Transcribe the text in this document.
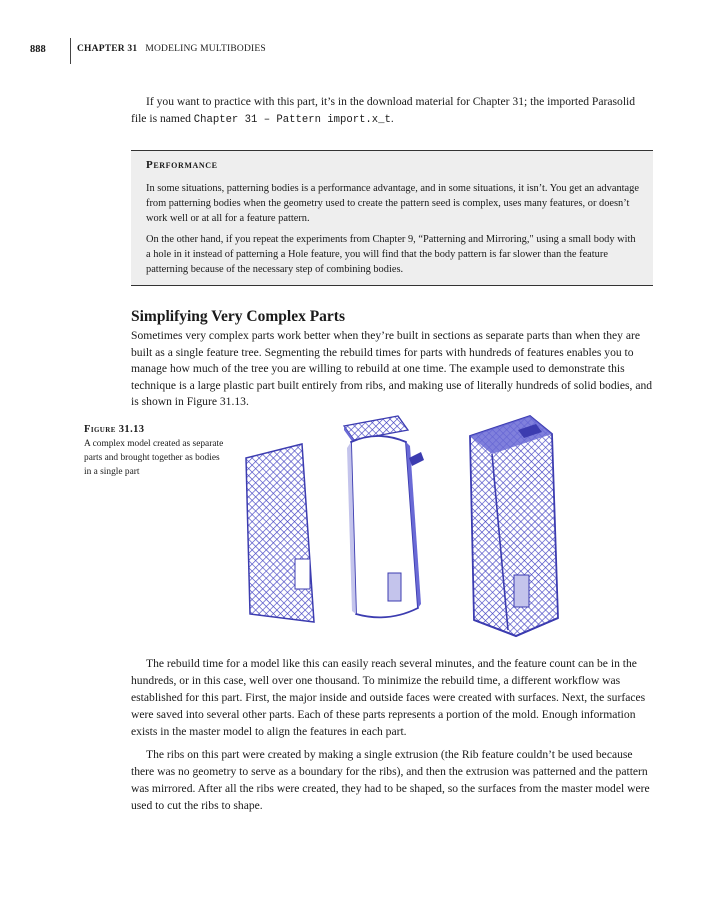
888	CHAPTER 31 MODELING MULTIBODIES

If you want to practice with this part, it’s in the download material for Chapter 31; the imported Parasolid file is named Chapter 31 – Pattern import.x_t.

Performance

In some situations, patterning bodies is a performance advantage, and in some situations, it isn’t. You get an advantage from patterning bodies when the geometry used to create the pattern seed is complex, uses many features, or doesn’t work well or at all for a feature pattern.

On the other hand, if you repeat the experiments from Chapter 9, “Patterning and Mirroring," using a small body with a hole in it instead of patterning a Hole feature, you will find that the body pattern is far slower than the feature patterning because of the necessary step of combining bodies.

Simplifying Very Complex Parts

Sometimes very complex parts work better when they’re built in sections as separate parts than when they are built as a single feature tree. Segmenting the rebuild times for parts with hundreds of features enables you to manage how much of the tree you are willing to rebuild at one time. The example used to demonstrate this technique is a large plastic part built entirely from ribs, and making use of literally hundreds of solid bodies, and is shown in Figure 31.13.

Figure 31.13
A complex model created as separate parts and brought together as bodies in a single part

The rebuild time for a model like this can easily reach several minutes, and the feature count can be in the hundreds, or in this case, well over one thousand. To minimize the rebuild time, a different workflow was established for this part. First, the major inside and outside faces were created with surfaces. Next, the surfaces were saved into several other parts. Each of these parts represents a portion of the mold. Enough information exists in the master model to align the features in each part.

The ribs on this part were created by making a single extrusion (the Rib feature couldn’t be used because there was no geometry to serve as a boundary for the ribs), and then the extrusion was patterned and the pattern was mirrored. After all the ribs were created, they had to be shaped, so the surfaces from the master model were used to cut the ribs to shape.
